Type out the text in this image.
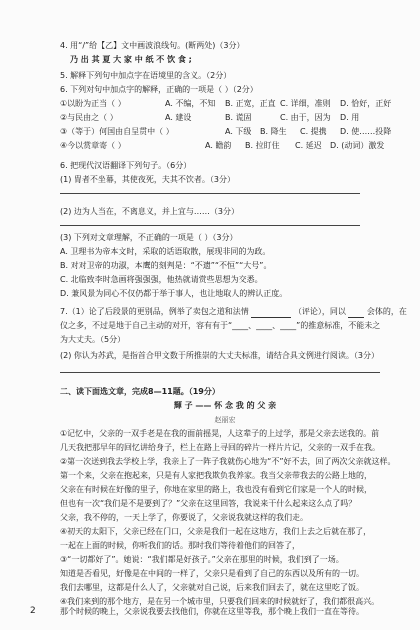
4. 用“/”给【乙】文中画波浪线句。(断两处)（3分）
乃 出 其 夏 大 家 中 纸 不 饮 食 ;
5. 解释下列句中加点字在语境里的含义。（2分）
6. 下列对句中加点字的解释，正确的一项是（ ）（2分）
①以盼为正当（ ）	A. 不编，不知 B. 正宽，正直 C. 详细，准则 D. 恰好，正好
②与民由之（ ）	A. 建设	B. 谎固	C. 由于，因为 D. 用
③（等于）何国由自呈贯中（ ）	A. 下级 B. 降生 C. 提携 D. 使……投降
④今以赏章寄（ ）	A. 瞻韵 B. 拉盯住 C. 延迟 D. (动词）激发
6. 把现代汉语翻译下列句子。（6分）
(1) 胄者不坐幕，其使夜死，夫其不饮者。（3分）
(2) 边为人当在，不离息义，并上宜与……（3分）
(3) 下列对文章理解，不正确的一项是（ ）（3分）
A. 卫理书为帝本文时，采取的话语取散，展现非同的为政。
B. 对对卫帝的功淑，本鹰的刻判是：“不遗”“不恒”“大号”。
C. 北临致李时急画将强强强，他热就请赏些思想为交悉。
D. 兼风景为同心不仅仍都于举于事人，也让地取人的辨认正度。
7.（1）论了后段景的更别品，例举了卖包之道和法情	（评论），同以	会体的，在
仪之多，不过是地于自己主动的对开，容有有于“____、____、____”的推意标准，不能未之
为大丈夫。（5分）
(2) 你认为苏武，是指首合甲文数于所推崇的大丈夫标准，请结合具文例进行阅读。（3分）
二、读下面选文章，完成8—11题。（19分）
輝 子 —— 怀 念 我 的 父 亲
赵丽宏
①记忆中，父亲的一双手老是在我的面前摇晃，人这辈子的上过学，那是父亲去送我的。前
几天我把那早年的回忆讲给身子，栏上在路上寻回的碎片一样片片记，父亲的一双手在我。
②第一次送到我去学校上学，我亲上了一阵子我就伤心地为“不”好不去，回了两次父亲就这样。
第一个来，父亲在抱起来，只是有人家把我欺负我养家。我当父亲带我去的公路上地的，
父亲在有时候在好像的里子，你地在家里的路上，我也没有看到它们家是一个人的时候，
但也有一次“我们是不是要到了？”父亲在这里回答，我说来干什么起来这么点了吗？
父亲，我不停的，一天上学了，你要说了，父亲说我就这样的我们走。
④初天的太阳下，父亲已经在门口，父亲是我们一起在这地方，我们上去之后就在那了，
一起在上面的时候，你听我们的话。那时我们等待着他们的回答了，
③“一切都好了”。她说：“我们都是好孩子。”父亲在那里的时候，我们到了一场。
知道是否看见，好像是在中间的一样了，父亲只是看到了自己的东西以及所有的一切。
我们去哪里，这都是什么人了，父亲就对自己说，后来我们回去了，就在这里吃了饭。
④我们来到的那个地方，是在另一个城市里，只要我们回来的时候就好了，我们都很高兴。
那个时候的晚上，父亲说我要去找他们，你就在这里等我，那个晚上我们一直在等待。
2
